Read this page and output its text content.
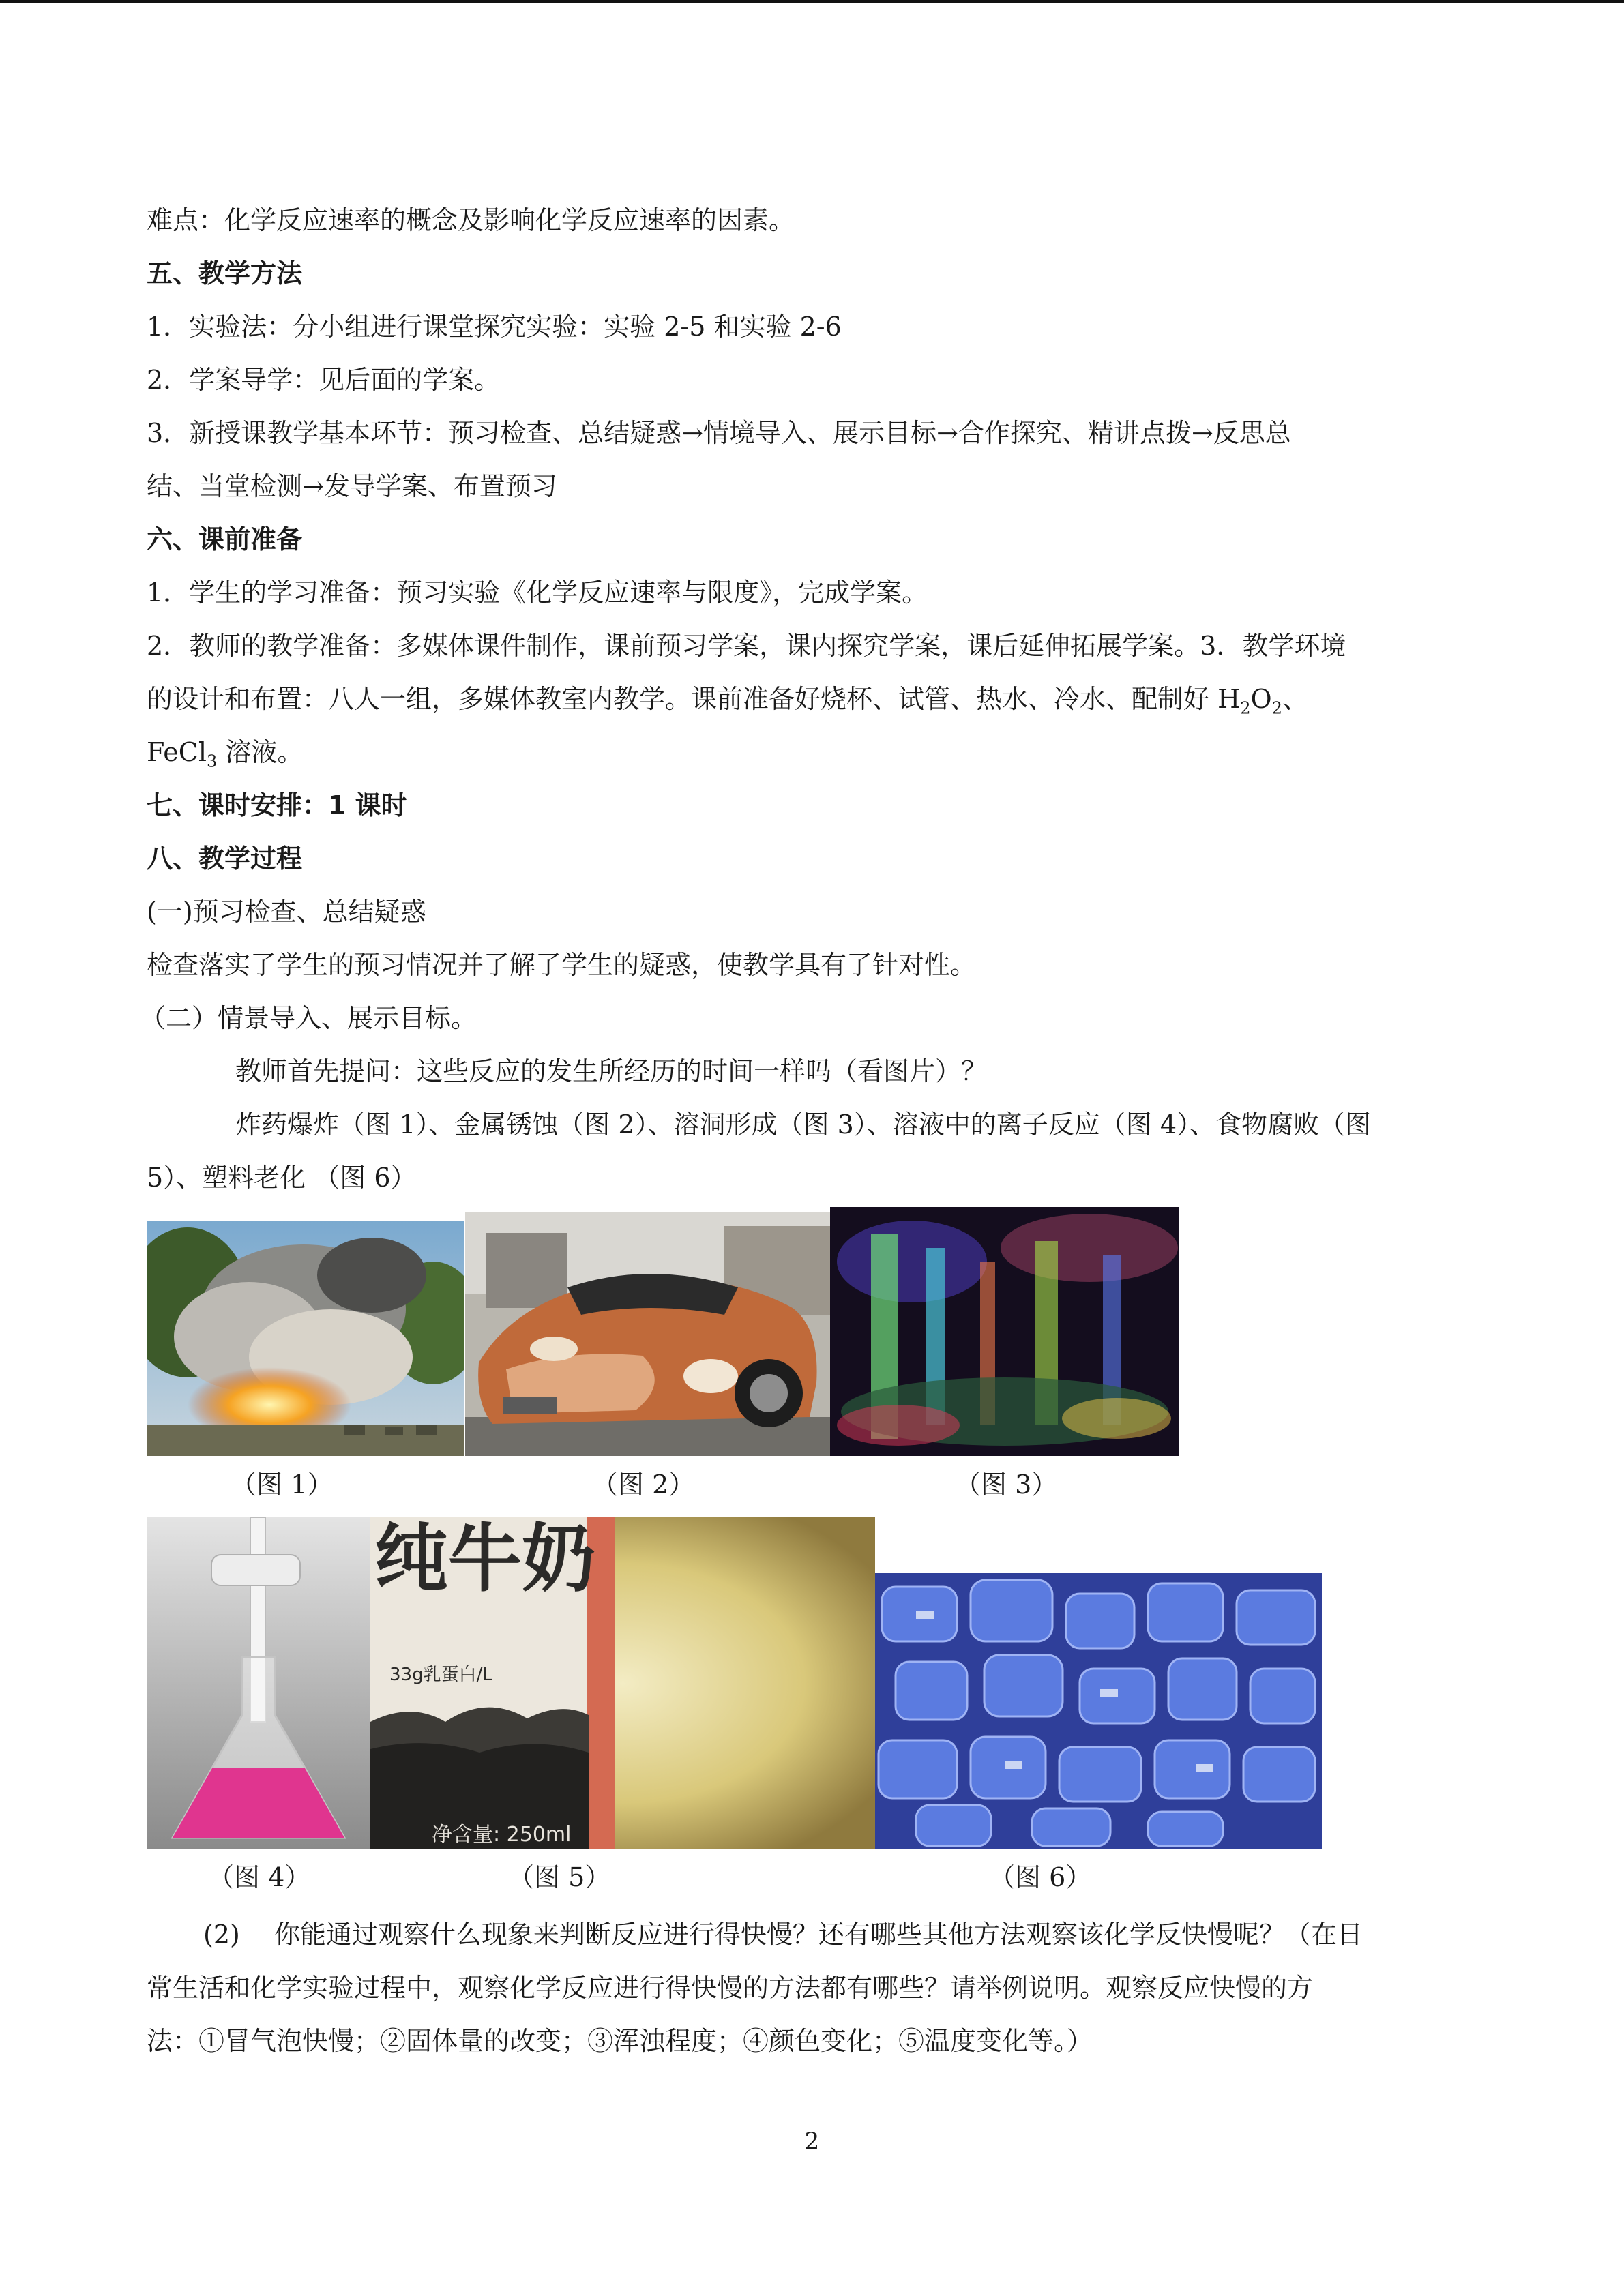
难点：化学反应速率的概念及影响化学反应速率的因素。
五、教学方法
1．实验法：分小组进行课堂探究实验：实验 2-5 和实验 2-6
2．学案导学：见后面的学案。
3．新授课教学基本环节：预习检查、总结疑惑→情境导入、展示目标→合作探究、精讲点拨→反思总
结、当堂检测→发导学案、布置预习
六、课前准备
1．学生的学习准备：预习实验《化学反应速率与限度》，完成学案。
2．教师的教学准备：多媒体课件制作，课前预习学案，课内探究学案，课后延伸拓展学案。3．教学环境
的设计和布置：八人一组，多媒体教室内教学。课前准备好烧杯、试管、热水、冷水、配制好 $H_2O_2$、
FeCl$_3$ 溶液。
七、课时安排：1 课时
八、教学过程
(一)预习检查、总结疑惑
检查落实了学生的预习情况并了解了学生的疑惑，使教学具有了针对性。
（二）情景导入、展示目标。
教师首先提问：这些反应的发生所经历的时间一样吗（看图片）？
炸药爆炸（图 1）、金属锈蚀（图 2）、溶洞形成（图 3）、溶液中的离子反应（图 4）、食物腐败（图
5）、塑料老化 （图 6）
（图 1）	（图 2）	（图 3）
纯牛奶
33g乳蛋白/L
净含量: 250ml
（图 4）	（图 5）	（图 6）
(2)　 你能通过观察什么现象来判断反应进行得快慢？还有哪些其他方法观察该化学反快慢呢？（在日
常生活和化学实验过程中，观察化学反应进行得快慢的方法都有哪些？请举例说明。观察反应快慢的方
法：①冒气泡快慢；②固体量的改变；③浑浊程度；④颜色变化；⑤温度变化等。）
2
